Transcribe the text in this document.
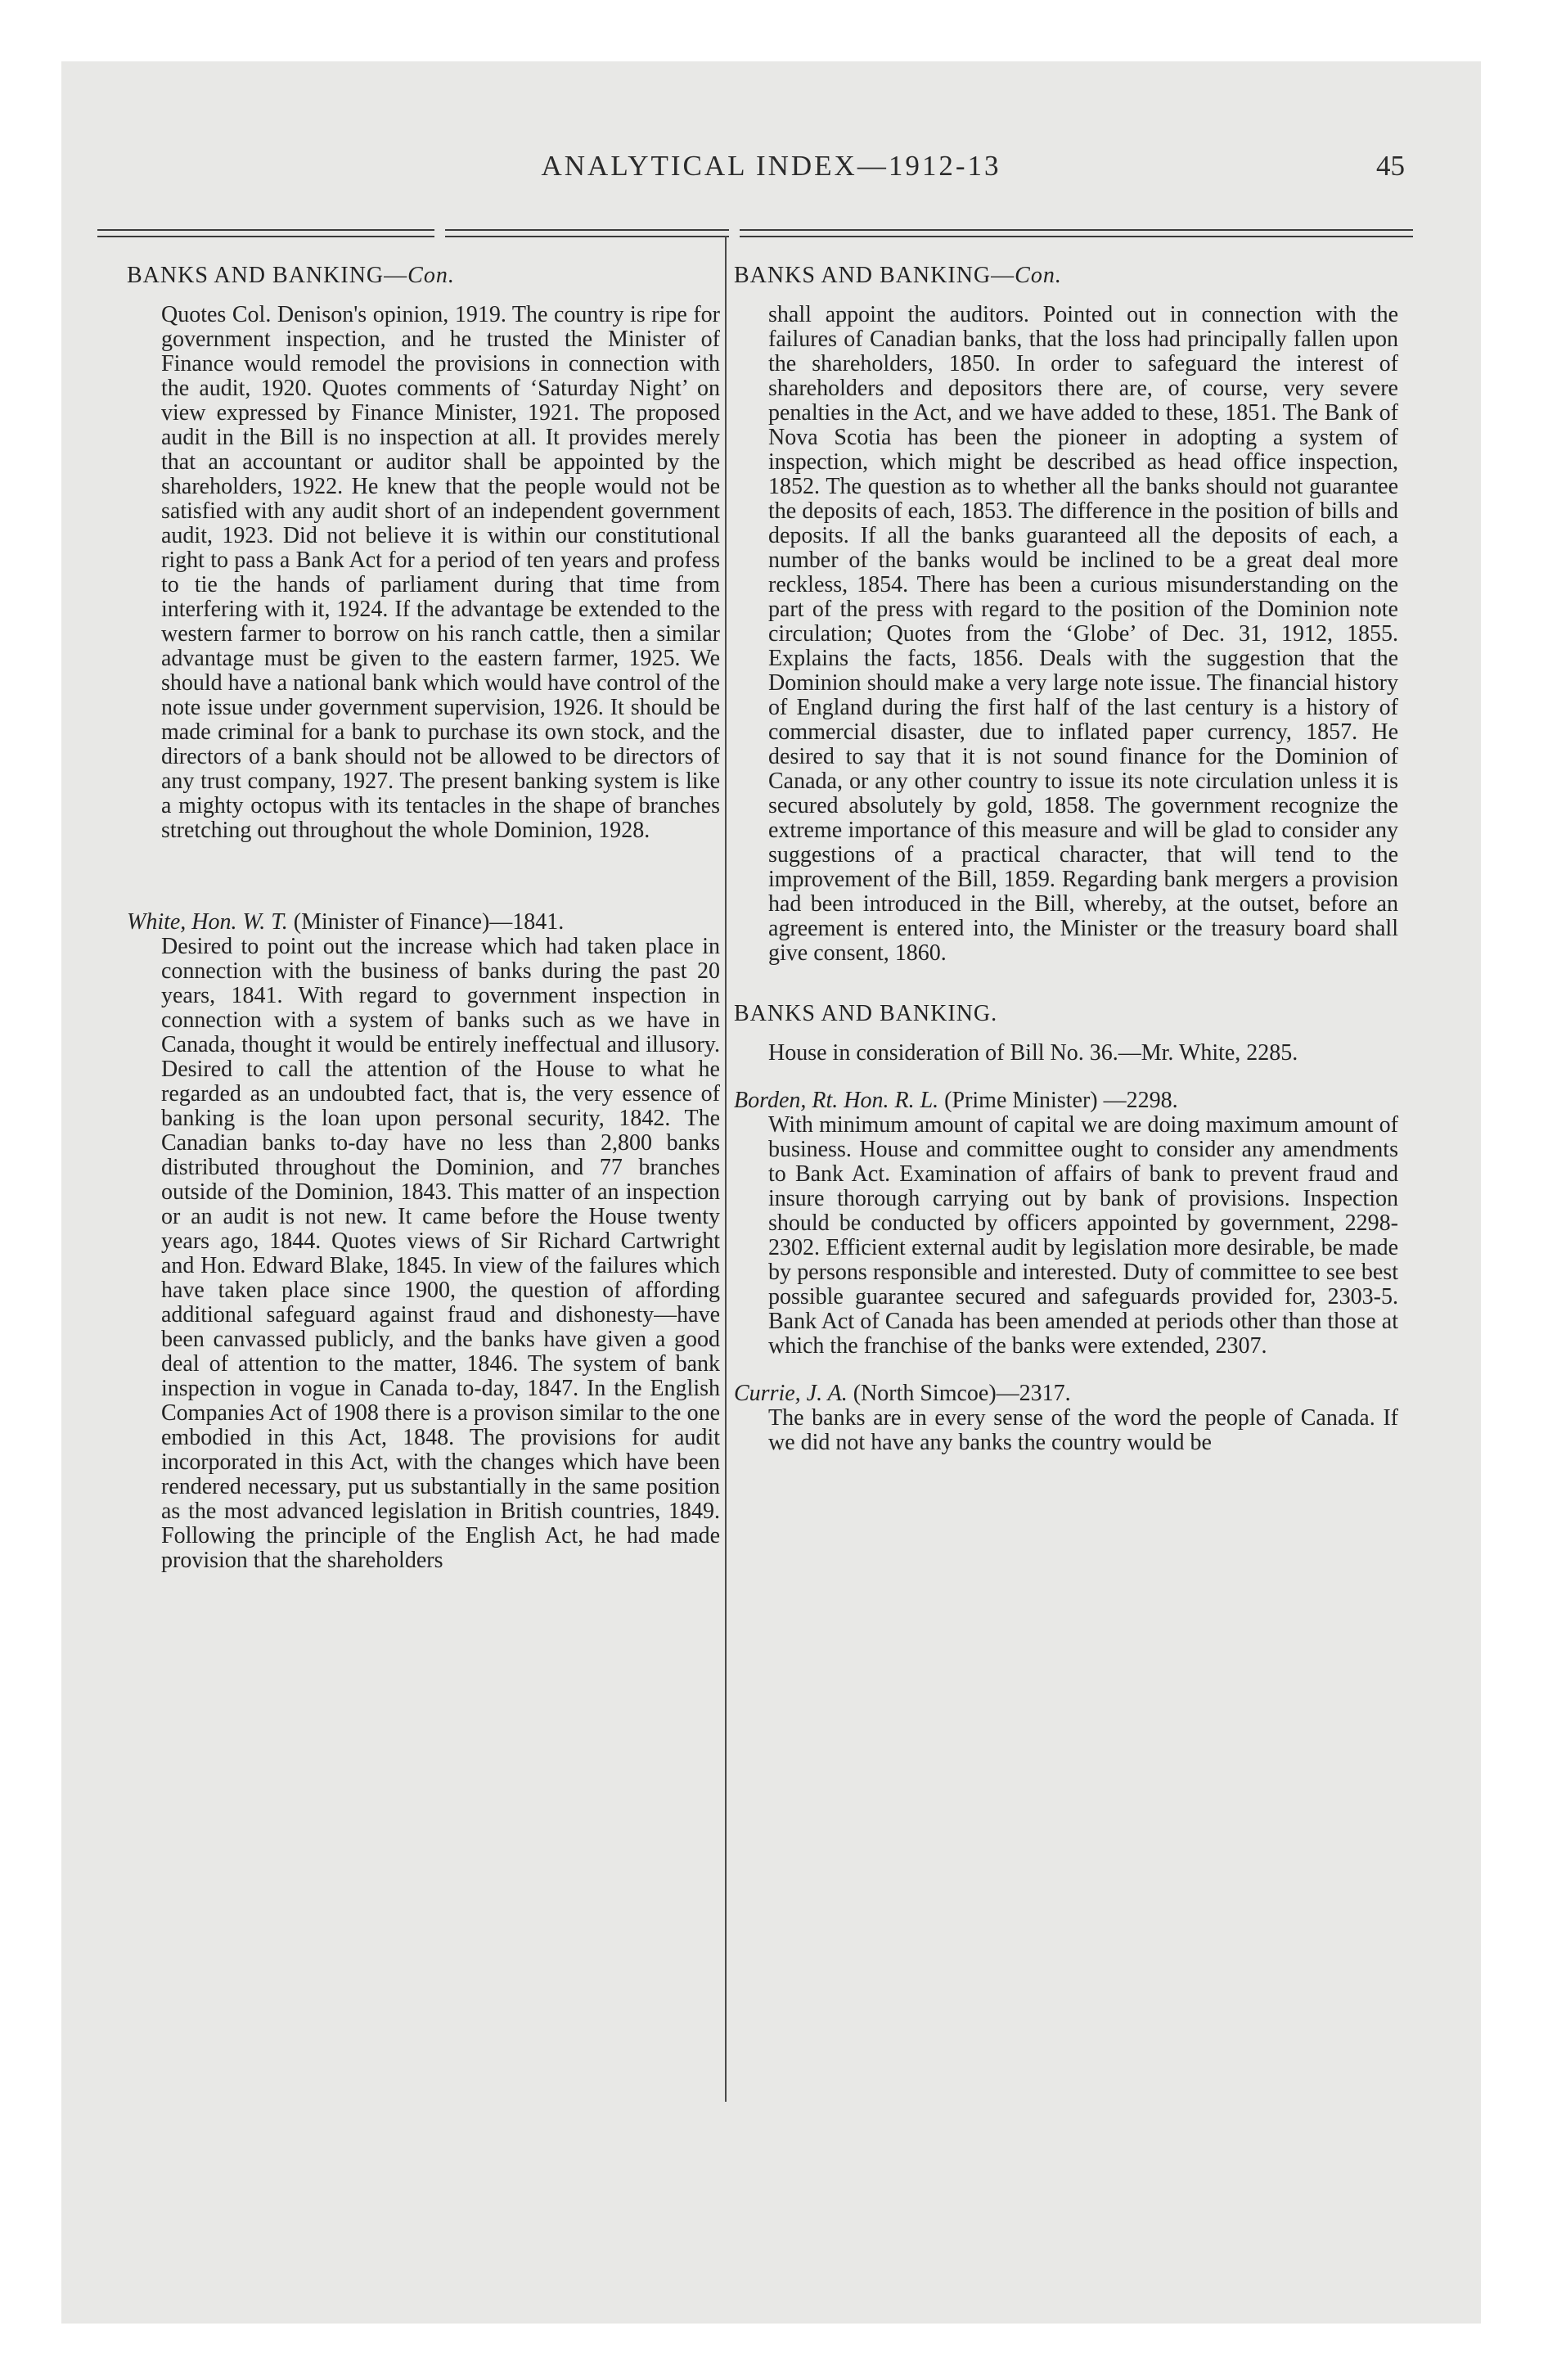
ANALYTICAL INDEX—1912-13	45
BANKS AND BANKING—Con.

Quotes Col. Denison's opinion, 1919. The country is ripe for government inspection, and he trusted the Minister of Finance would remodel the provisions in connection with the audit, 1920. Quotes comments of ‘Saturday Night’ on view expressed by Finance Minister, 1921. The proposed audit in the Bill is no inspection at all. It provides merely that an accountant or auditor shall be appointed by the shareholders, 1922. He knew that the people would not be satisfied with any audit short of an independent government audit, 1923. Did not believe it is within our constitutional right to pass a Bank Act for a period of ten years and profess to tie the hands of parliament during that time from interfering with it, 1924. If the advantage be extended to the western farmer to borrow on his ranch cattle, then a similar advantage must be given to the eastern farmer, 1925. We should have a national bank which would have control of the note issue under government supervision, 1926. It should be made criminal for a bank to purchase its own stock, and the directors of a bank should not be allowed to be directors of any trust company, 1927. The present banking system is like a mighty octopus with its tentacles in the shape of branches stretching out throughout the whole Dominion, 1928.

White, Hon. W. T. (Minister of Finance)—1841.

Desired to point out the increase which had taken place in connection with the business of banks during the past 20 years, 1841. With regard to government inspection in connection with a system of banks such as we have in Canada, thought it would be entirely ineffectual and illusory. Desired to call the attention of the House to what he regarded as an undoubted fact, that is, the very essence of banking is the loan upon personal security, 1842. The Canadian banks to-day have no less than 2,800 banks distributed throughout the Dominion, and 77 branches outside of the Dominion, 1843. This matter of an inspection or an audit is not new. It came before the House twenty years ago, 1844. Quotes views of Sir Richard Cartwright and Hon. Edward Blake, 1845. In view of the failures which have taken place since 1900, the question of affording additional safeguard against fraud and dishonesty—have been canvassed publicly, and the banks have given a good deal of attention to the matter, 1846. The system of bank inspection in vogue in Canada to-day, 1847. In the English Companies Act of 1908 there is a provison similar to the one embodied in this Act, 1848. The provisions for audit incorporated in this Act, with the changes which have been rendered necessary, put us substantially in the same position as the most advanced legislation in British countries, 1849. Following the principle of the English Act, he had made provision that the shareholders

BANKS AND BANKING—Con.

shall appoint the auditors. Pointed out in connection with the failures of Canadian banks, that the loss had principally fallen upon the shareholders, 1850. In order to safeguard the interest of shareholders and depositors there are, of course, very severe penalties in the Act, and we have added to these, 1851. The Bank of Nova Scotia has been the pioneer in adopting a system of inspection, which might be described as head office inspection, 1852. The question as to whether all the banks should not guarantee the deposits of each, 1853. The difference in the position of bills and deposits. If all the banks guaranteed all the deposits of each, a number of the banks would be inclined to be a great deal more reckless, 1854. There has been a curious misunderstanding on the part of the press with regard to the position of the Dominion note circulation; Quotes from the ‘Globe’ of Dec. 31, 1912, 1855. Explains the facts, 1856. Deals with the suggestion that the Dominion should make a very large note issue. The financial history of England during the first half of the last century is a history of commercial disaster, due to inflated paper currency, 1857. He desired to say that it is not sound finance for the Dominion of Canada, or any other country to issue its note circulation unless it is secured absolutely by gold, 1858. The government recognize the extreme importance of this measure and will be glad to consider any suggestions of a practical character, that will tend to the improvement of the Bill, 1859. Regarding bank mergers a provision had been introduced in the Bill, whereby, at the outset, before an agreement is entered into, the Minister or the treasury board shall give consent, 1860.

BANKS AND BANKING.

House in consideration of Bill No. 36.—Mr. White, 2285.

Borden, Rt. Hon. R. L. (Prime Minister) —2298.

With minimum amount of capital we are doing maximum amount of business. House and committee ought to consider any amendments to Bank Act. Examination of affairs of bank to prevent fraud and insure thorough carrying out by bank of provisions. Inspection should be conducted by officers appointed by government, 2298-2302. Efficient external audit by legislation more desirable, be made by persons responsible and interested. Duty of committee to see best possible guarantee secured and safeguards provided for, 2303-5. Bank Act of Canada has been amended at periods other than those at which the franchise of the banks were extended, 2307.

Currie, J. A. (North Simcoe)—2317.

The banks are in every sense of the word the people of Canada. If we did not have any banks the country would be
